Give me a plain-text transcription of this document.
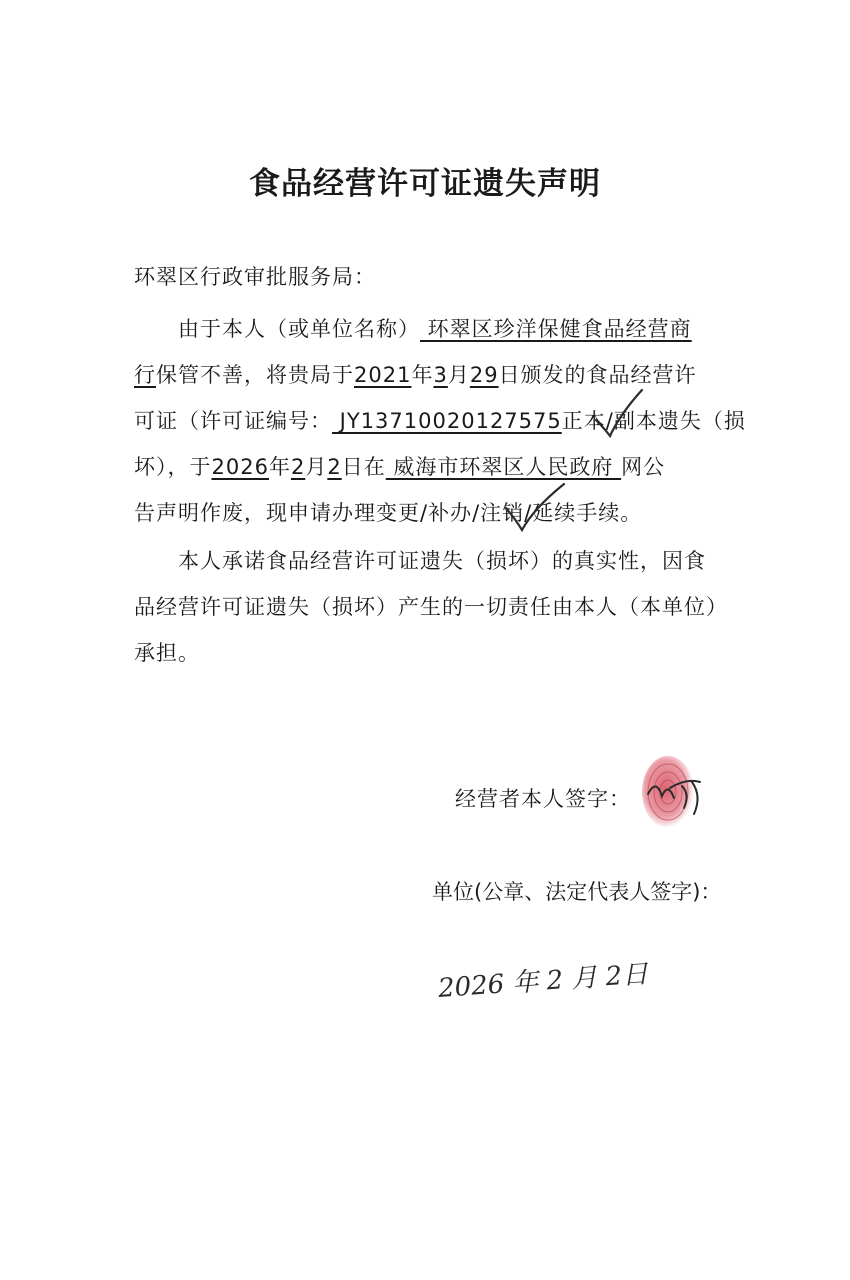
食品经营许可证遗失声明
环翠区行政审批服务局：
由于本人（或单位名称） 环翠区珍洋保健食品经营商
行保管不善，将贵局于2021年3月29日颁发的食品经营许
可证（许可证编号： JY13710020127575正本/副本遗失（损
坏），于2026年2月2日在 威海市环翠区人民政府 网公
告声明作废，现申请办理变更/补办/注销/延续手续。
本人承诺食品经营许可证遗失（损坏）的真实性，因食
品经营许可证遗失（损坏）产生的一切责任由本人（本单位）
承担。
经营者本人签字：
单位(公章、法定代表人签字)：
2026 年 2 月 2日
